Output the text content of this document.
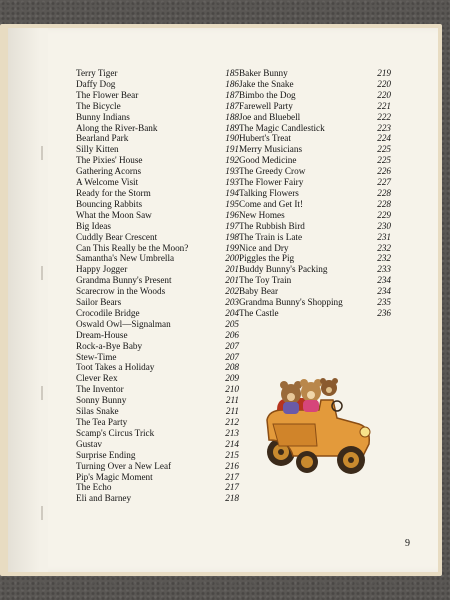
Terry Tiger	185
Daffy Dog	186
The Flower Bear	187
The Bicycle	187
Bunny Indians	188
Along the River-Bank	189
Bearland Park	190
Silly Kitten	191
The Pixies' House	192
Gathering Acorns	193
A Welcome Visit	193
Ready for the Storm	194
Bouncing Rabbits	195
What the Moon Saw	196
Big Ideas	197
Cuddly Bear Crescent	198
Can This Really be the Moon?	199
Samantha's New Umbrella	200
Happy Jogger	201
Grandma Bunny's Present	201
Scarecrow in the Woods	202
Sailor Bears	203
Crocodile Bridge	204
Oswald Owl—Signalman	205
Dream-House	206
Rock-a-Bye Baby	207
Stew-Time	207
Toot Takes a Holiday	208
Clever Rex	209
The Inventor	210
Sonny Bunny	211
Silas Snake	211
The Tea Party	212
Scamp's Circus Trick	213
Gustav	214
Surprise Ending	215
Turning Over a New Leaf	216
Pip's Magic Moment	217
The Echo	217
Eli and Barney	218
Baker Bunny	219
Jake the Snake	220
Bimbo the Dog	220
Farewell Party	221
Joe and Bluebell	222
The Magic Candlestick	223
Hubert's Treat	224
Merry Musicians	225
Good Medicine	225
The Greedy Crow	226
The Flower Fairy	227
Talking Flowers	228
Come and Get It!	228
New Homes	229
The Rubbish Bird	230
The Train is Late	231
Nice and Dry	232
Piggles the Pig	232
Buddy Bunny's Packing	233
The Toy Train	234
Baby Bear	234
Grandma Bunny's Shopping	235
The Castle	236
9
